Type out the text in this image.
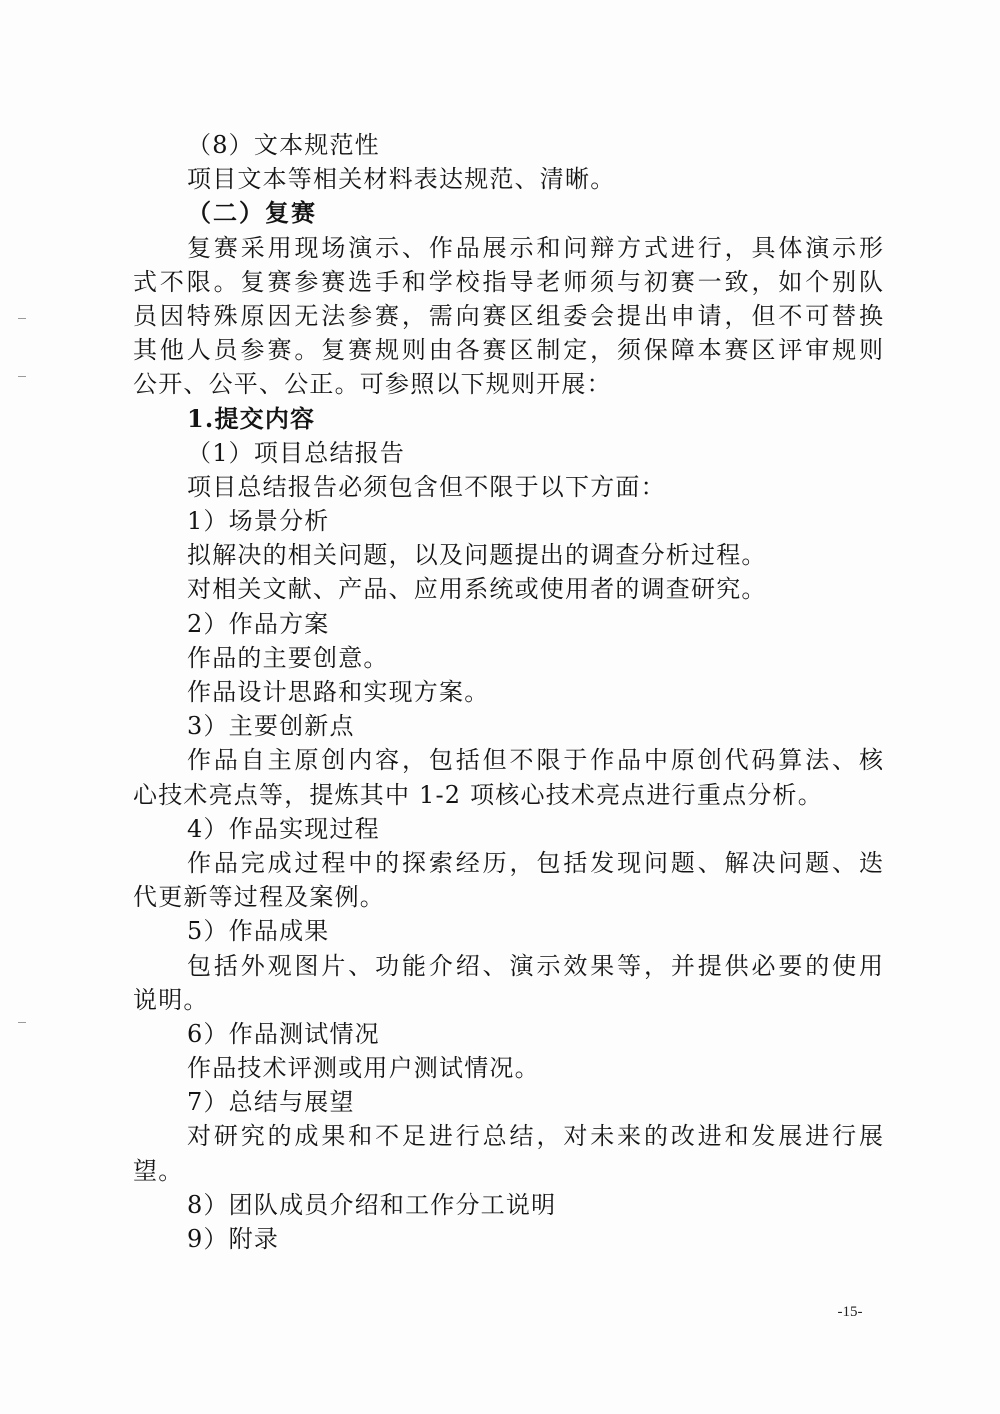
（8）文本规范性
项目文本等相关材料表达规范、清晰。
（二）复赛
复赛采用现场演示、作品展示和问辩方式进行，具体演示形
式不限。复赛参赛选手和学校指导老师须与初赛一致，如个别队
员因特殊原因无法参赛，需向赛区组委会提出申请，但不可替换
其他人员参赛。复赛规则由各赛区制定，须保障本赛区评审规则
公开、公平、公正。可参照以下规则开展：
1.提交内容
（1）项目总结报告
项目总结报告必须包含但不限于以下方面：
1）场景分析
拟解决的相关问题，以及问题提出的调查分析过程。
对相关文献、产品、应用系统或使用者的调查研究。
2）作品方案
作品的主要创意。
作品设计思路和实现方案。
3）主要创新点
作品自主原创内容，包括但不限于作品中原创代码算法、核
心技术亮点等，提炼其中 1-2 项核心技术亮点进行重点分析。
4）作品实现过程
作品完成过程中的探索经历，包括发现问题、解决问题、迭
代更新等过程及案例。
5）作品成果
包括外观图片、功能介绍、演示效果等，并提供必要的使用
说明。
6）作品测试情况
作品技术评测或用户测试情况。
7）总结与展望
对研究的成果和不足进行总结，对未来的改进和发展进行展
望。
8）团队成员介绍和工作分工说明
9）附录
-15-
